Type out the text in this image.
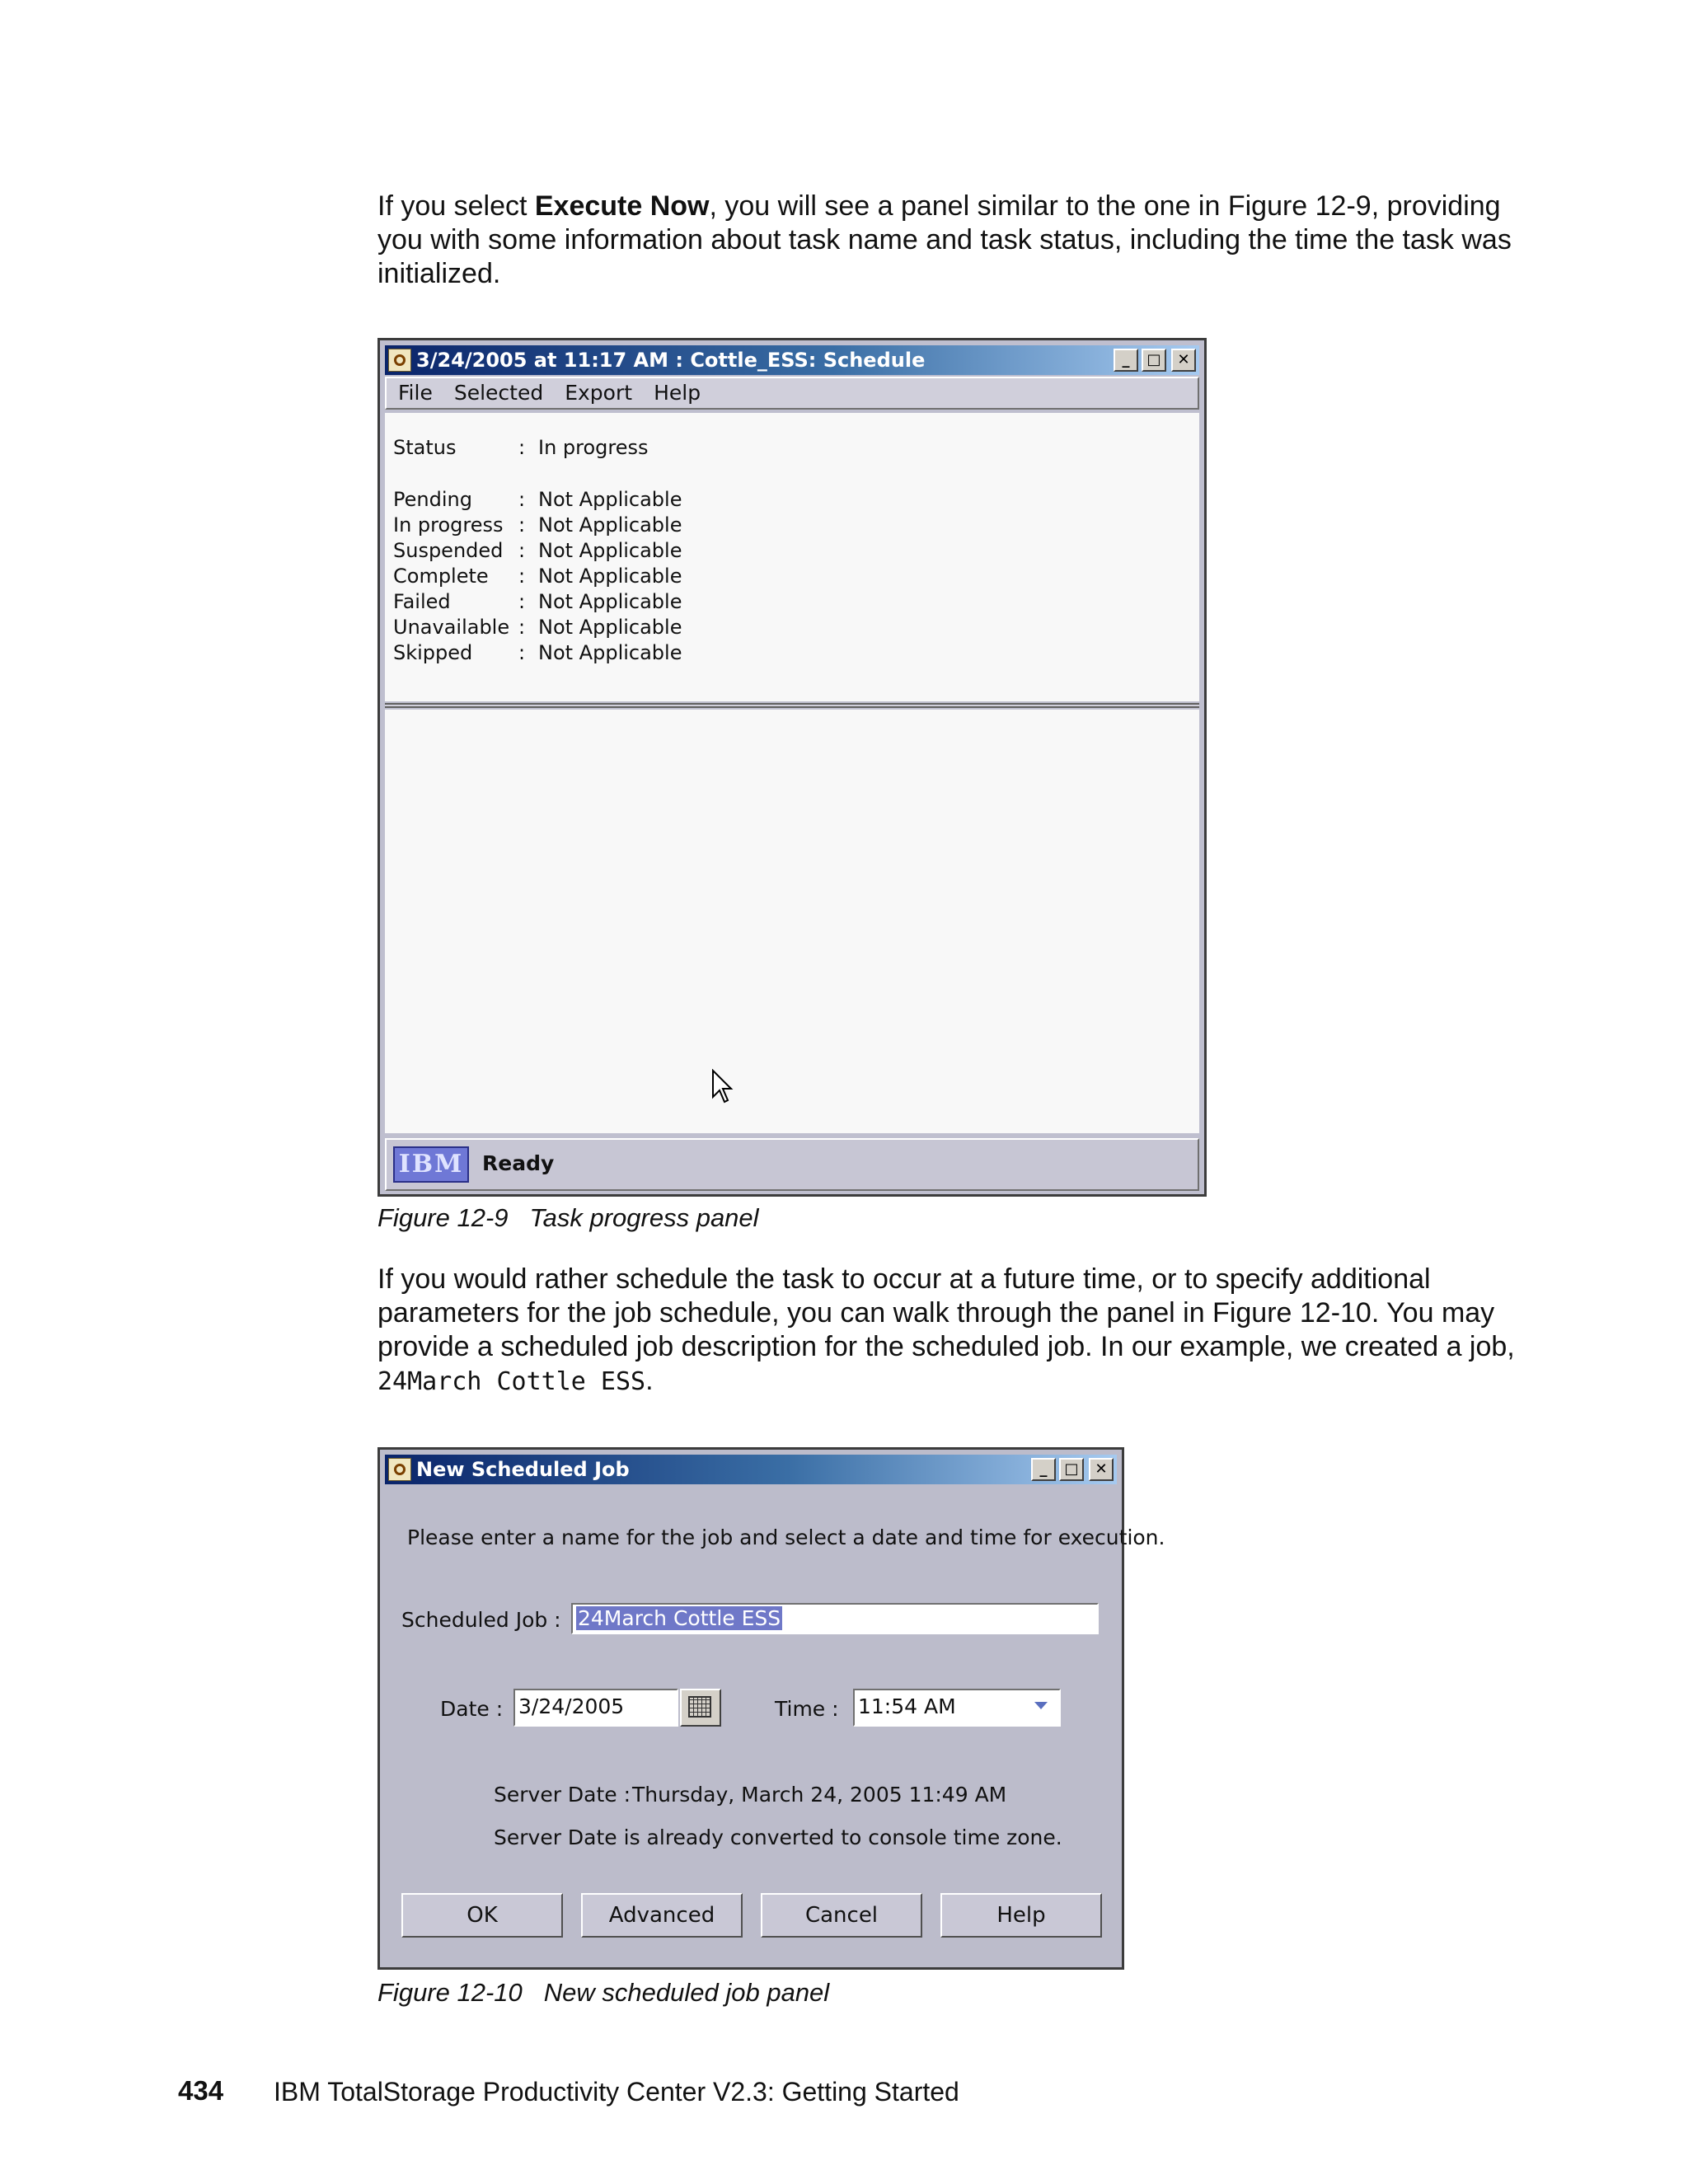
If you select Execute Now, you will see a panel similar to the one in Figure 12-9, providing you with some information about task name and task status, including the time the task was initialized.
3/24/2005 at 11:17 AM : Cottle_ESS: Schedule	_	□	✕
File Selected Export Help
Status	: In progress
Pending : Not Applicable
In progress : Not Applicable
Suspended : Not Applicable
Complete : Not Applicable
Failed	: Not Applicable
Unavailable : Not Applicable
Skipped : Not Applicable
IBM Ready
Figure 12-9 Task progress panel
If you would rather schedule the task to occur at a future time, or to specify additional parameters for the job schedule, you can walk through the panel in Figure 12-10. You may provide a scheduled job description for the scheduled job. In our example, we created a job,
24March Cottle ESS.
New Scheduled Job	_	□	✕
Please enter a name for the job and select a date and time for execution.
Scheduled Job : 24March Cottle ESS
Date : 3/24/2005	Time : 11:54 AM
Server Date : Thursday, March 24, 2005 11:49 AM
Server Date is already converted to console time zone.
OK	Advanced	Cancel	Help
Figure 12-10 New scheduled job panel
434 IBM TotalStorage Productivity Center V2.3: Getting Started
